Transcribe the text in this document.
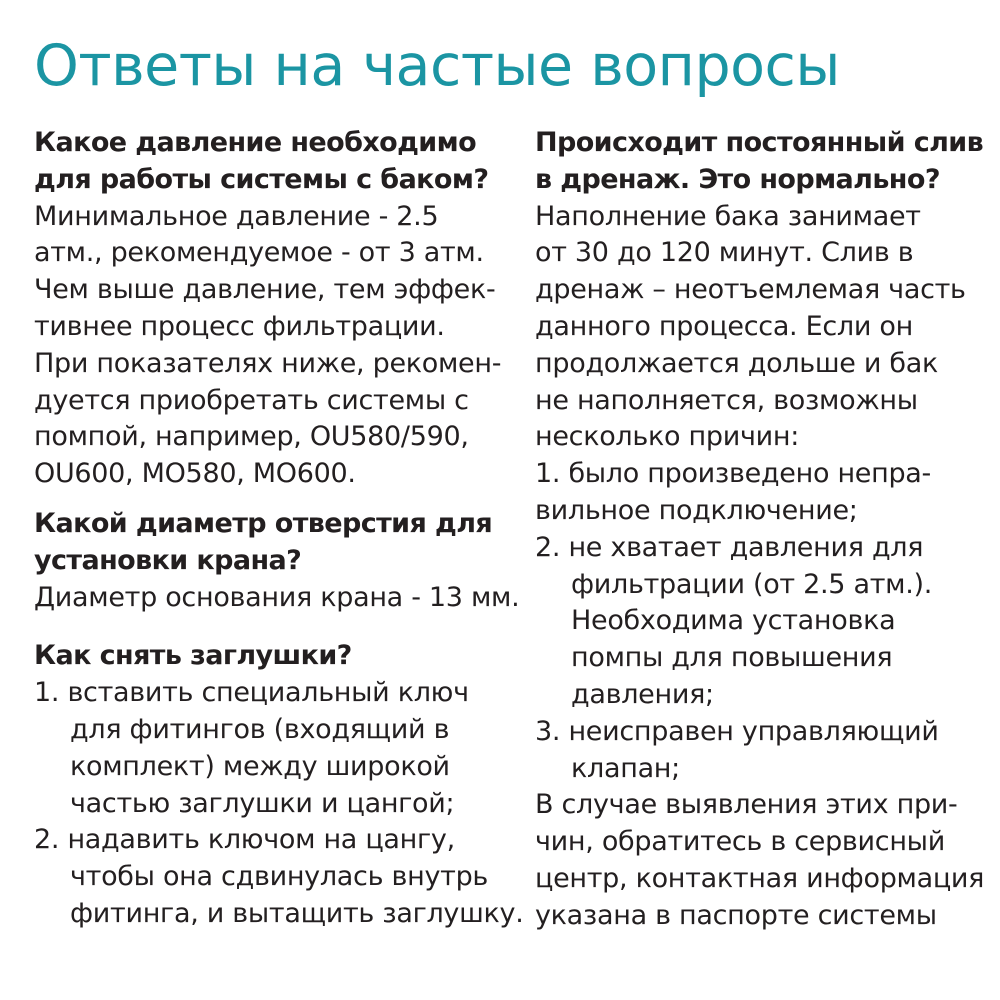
Ответы на частые вопросы
Какое давление необходимо
для работы системы с баком?
Минимальное давление - 2.5
атм., рекомендуемое - от 3 атм.
Чем выше давление, тем эффек-
тивнее процесс фильтрации.
При показателях ниже, рекомен-
дуется приобретать системы с
помпой, например, OU580/590,
OU600, MO580, MO600.
Какой диаметр отверстия для
установки крана?
Диаметр основания крана - 13 мм.
Как снять заглушки?
1. вставить специальный ключ
для фитингов (входящий в
комплект) между широкой
частью заглушки и цангой;
2. надавить ключом на цангу,
чтобы она сдвинулась внутрь
фитинга, и вытащить заглушку.
Происходит постоянный слив
в дренаж. Это нормально?
Наполнение бака занимает
от 30 до 120 минут. Слив в
дренаж – неотъемлемая часть
данного процесса. Если он
продолжается дольше и бак
не наполняется, возможны
несколько причин:
1. было произведено непра-
вильное подключение;
2. не хватает давления для
фильтрации (от 2.5 атм.).
Необходима установка
помпы для повышения
давления;
3. неисправен управляющий
клапан;
В случае выявления этих при-
чин, обратитесь в сервисный
центр, контактная информация
указана в паспорте системы
